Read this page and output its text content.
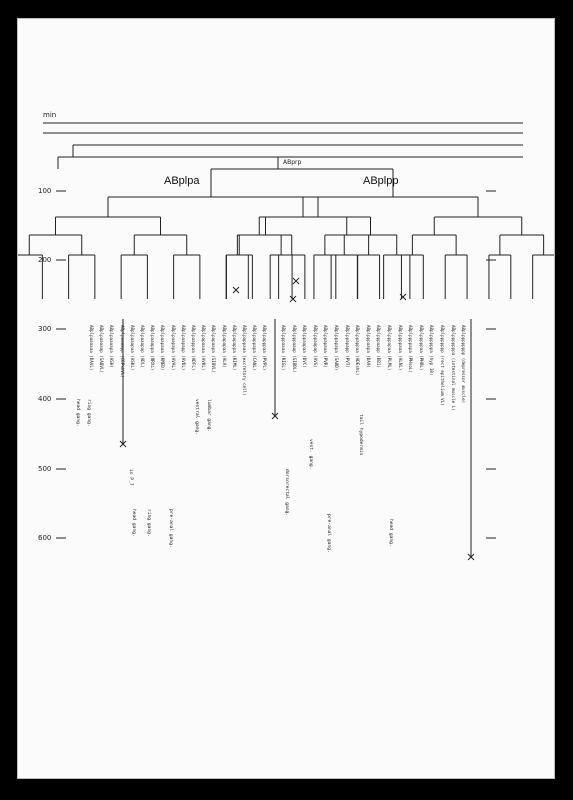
min
ABprp
100
200
300
400
500
600
ABplpa	ABplpp
ABplpaaaaaa (DAVL) ABplpaaaaap (SABVL) ABplpaaaapa (ASH) ABplpaaaapp (CEPshVL) ABplpaaapaa (ASKL) ABplpaaapap (ADL) ABplpaaappa (URXL) ABplpaapaaa (RMED) ABplpaapapa (AVAL) ABplpaapapp (AVDL) ABplpaappaa (ADFL) ABplpapaaaa (AVKL) ABplpapaapa (SIBVL) ABplpapapaa (ALA) ABplpapappa (RIML) ABplpappaaa (excretory cell) ABplpappapa (CANL) ABplpapppaa (PVPL)	ABplpppaaaa (RIGL) ABplpppaaap (SIBDL) ABplppaapaa (DVC) ABplppaapap (AVG) ABplppapaaa (PVR) ABplppapapa (SABD) ABplppapapp (PVT) ABplppappaa (ADEshL) ABplpppaapa (DA9) ABplpppaapp (DB1) ABplpppapaa (PLML) ABplppppaaa (ALNL) ABplppppapa (PHsoL) ABplpppppaa (PHBL) ABplppppppa (hyp 10) ABplppppppp (rect epithelium VL) ABplpppppppa (intestinal muscle L) ABplpppppppp (depressor muscle)
head gang. ring gang.
head gang. ring gang.	pre-anal gang.
ventral gang. lumbar gang.
dorsorectal gang.
pre-anal gang.
tail hypodermis
in P_7
vent. gang.
head gang.
